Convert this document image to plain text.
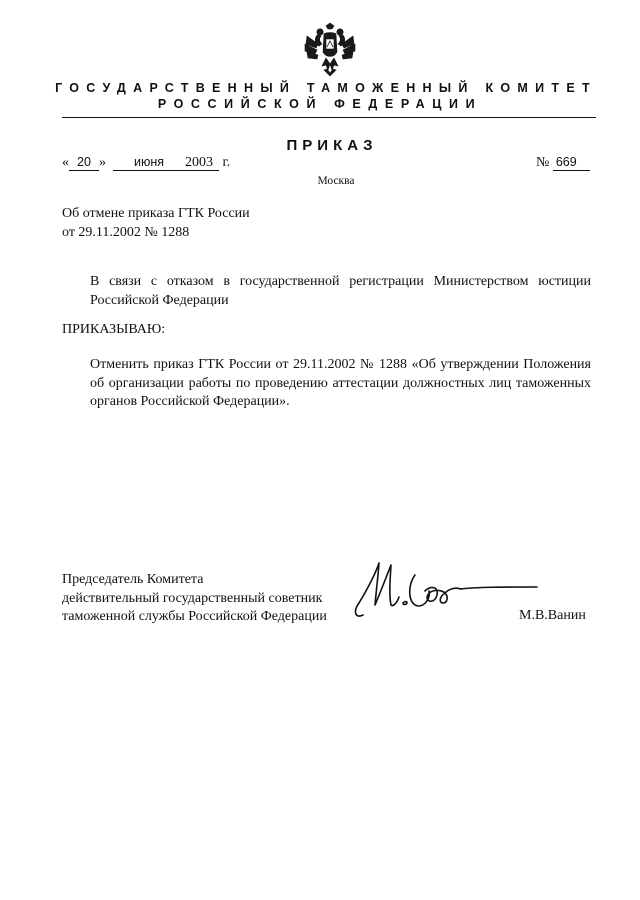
ГОСУДАРСТВЕННЫЙ ТАМОЖЕННЫЙ КОМИТЕТ
РОССИЙСКОЙ ФЕДЕРАЦИИ
ПРИКАЗ
« 20 » июня 2003 г.	№ 669
Москва
Об отмене приказа ГТК России
от 29.11.2002 № 1288
В связи с отказом в государственной регистрации Министерством юстиции Российской Федерации
ПРИКАЗЫВАЮ:
Отменить приказ ГТК России от 29.11.2002 № 1288 «Об утверждении Положения об организации работы по проведению аттестации должностных лиц таможенных органов Российской Федерации».
Председатель Комитета
действительный государственный советник
таможенной службы Российской Федерации	М.В.Ванин
